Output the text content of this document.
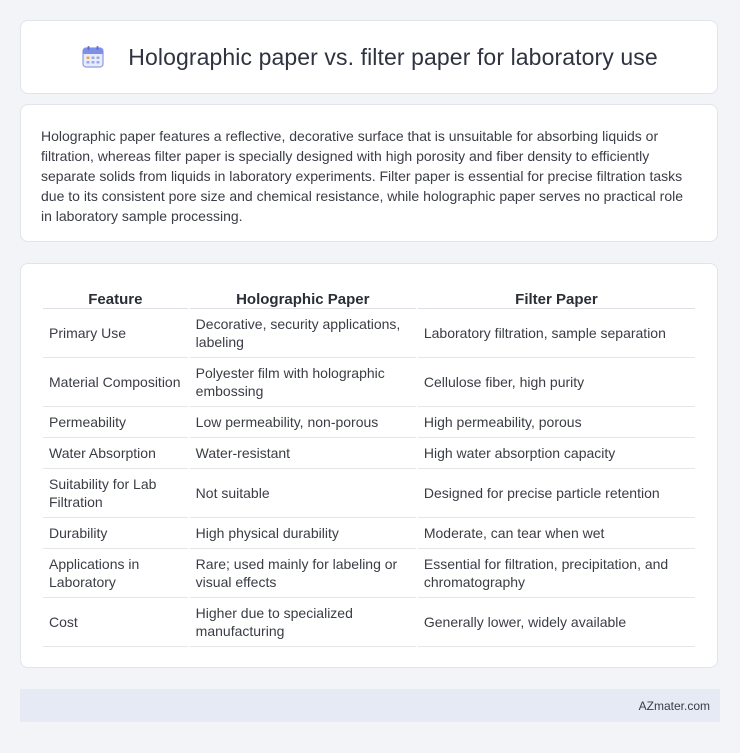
Holographic paper vs. filter paper for laboratory use

Holographic paper features a reflective, decorative surface that is unsuitable for absorbing liquids or filtration, whereas filter paper is specially designed with high porosity and fiber density to efficiently separate solids from liquids in laboratory experiments. Filter paper is essential for precise filtration tasks due to its consistent pore size and chemical resistance, while holographic paper serves no practical role in laboratory sample processing.

Feature	Holographic Paper	Filter Paper
Primary Use	Decorative, security applications, labeling	Laboratory filtration, sample separation
Material Composition	Polyester film with holographic embossing	Cellulose fiber, high purity
Permeability	Low permeability, non-porous	High permeability, porous
Water Absorption	Water-resistant	High water absorption capacity
Suitability for Lab Filtration	Not suitable	Designed for precise particle retention
Durability	High physical durability	Moderate, can tear when wet
Applications in Laboratory	Rare; used mainly for labeling or visual effects	Essential for filtration, precipitation, and chromatography
Cost	Higher due to specialized manufacturing	Generally lower, widely available
AZmater.com
